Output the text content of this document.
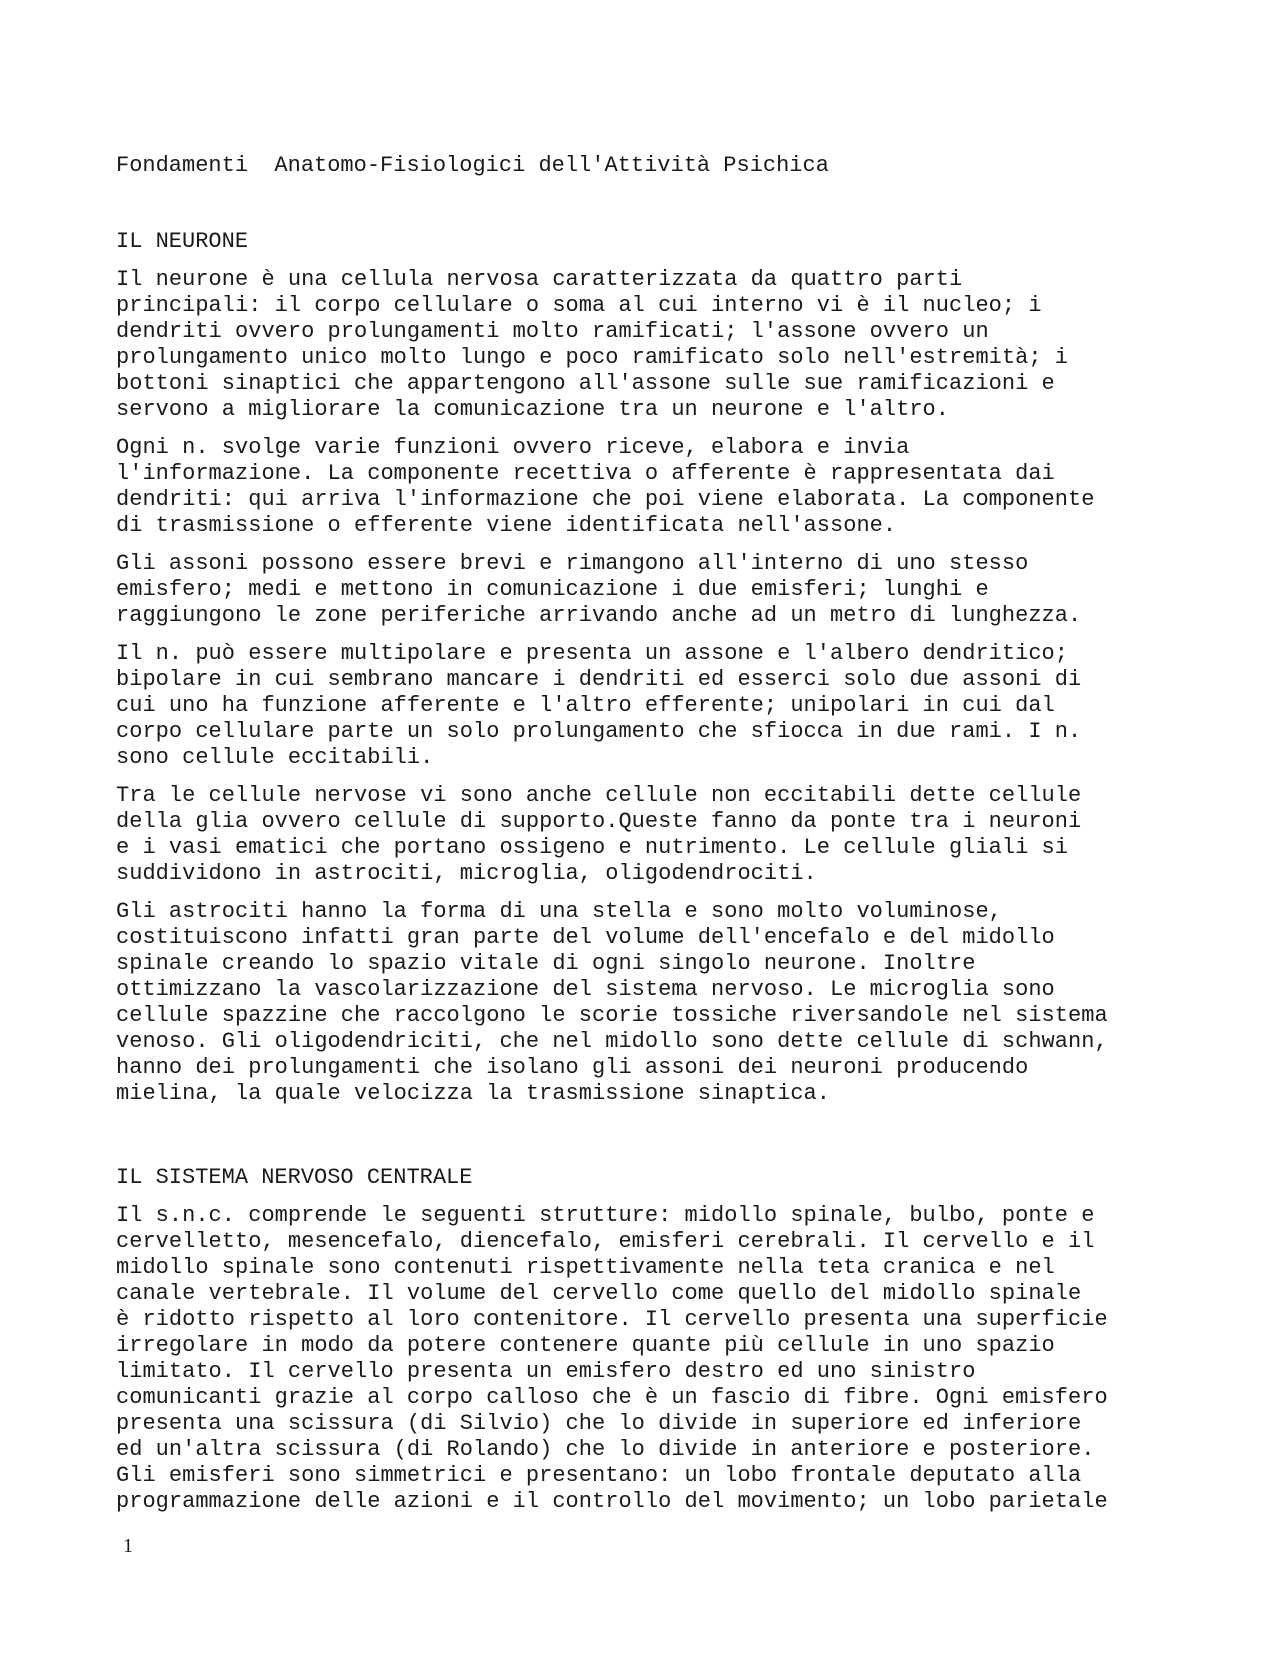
Fondamenti  Anatomo-Fisiologici dell'Attività Psichica
IL NEURONE

Il neurone è una cellula nervosa caratterizzata da quattro parti
principali: il corpo cellulare o soma al cui interno vi è il nucleo; i
dendriti ovvero prolungamenti molto ramificati; l'assone ovvero un
prolungamento unico molto lungo e poco ramificato solo nell'estremità; i
bottoni sinaptici che appartengono all'assone sulle sue ramificazioni e
servono a migliorare la comunicazione tra un neurone e l'altro.

Ogni n. svolge varie funzioni ovvero riceve, elabora e invia
l'informazione. La componente recettiva o afferente è rappresentata dai
dendriti: qui arriva l'informazione che poi viene elaborata. La componente
di trasmissione o efferente viene identificata nell'assone.

Gli assoni possono essere brevi e rimangono all'interno di uno stesso
emisfero; medi e mettono in comunicazione i due emisferi; lunghi e
raggiungono le zone periferiche arrivando anche ad un metro di lunghezza.

Il n. può essere multipolare e presenta un assone e l'albero dendritico;
bipolare in cui sembrano mancare i dendriti ed esserci solo due assoni di
cui uno ha funzione afferente e l'altro efferente; unipolari in cui dal
corpo cellulare parte un solo prolungamento che sfiocca in due rami. I n.
sono cellule eccitabili.

Tra le cellule nervose vi sono anche cellule non eccitabili dette cellule
della glia ovvero cellule di supporto.Queste fanno da ponte tra i neuroni
e i vasi ematici che portano ossigeno e nutrimento. Le cellule gliali si
suddividono in astrociti, microglia, oligodendrociti.

Gli astrociti hanno la forma di una stella e sono molto voluminose,
costituiscono infatti gran parte del volume dell'encefalo e del midollo
spinale creando lo spazio vitale di ogni singolo neurone. Inoltre
ottimizzano la vascolarizzazione del sistema nervoso. Le microglia sono
cellule spazzine che raccolgono le scorie tossiche riversandole nel sistema
venoso. Gli oligodendriciti, che nel midollo sono dette cellule di schwann,
hanno dei prolungamenti che isolano gli assoni dei neuroni producendo
mielina, la quale velocizza la trasmissione sinaptica.

IL SISTEMA NERVOSO CENTRALE

Il s.n.c. comprende le seguenti strutture: midollo spinale, bulbo, ponte e
cervelletto, mesencefalo, diencefalo, emisferi cerebrali. Il cervello e il
midollo spinale sono contenuti rispettivamente nella teta cranica e nel
canale vertebrale. Il volume del cervello come quello del midollo spinale
è ridotto rispetto al loro contenitore. Il cervello presenta una superficie
irregolare in modo da potere contenere quante più cellule in uno spazio
limitato. Il cervello presenta un emisfero destro ed uno sinistro
comunicanti grazie al corpo calloso che è un fascio di fibre. Ogni emisfero
presenta una scissura (di Silvio) che lo divide in superiore ed inferiore
ed un'altra scissura (di Rolando) che lo divide in anteriore e posteriore.
Gli emisferi sono simmetrici e presentano: un lobo frontale deputato alla
programmazione delle azioni e il controllo del movimento; un lobo parietale

1
